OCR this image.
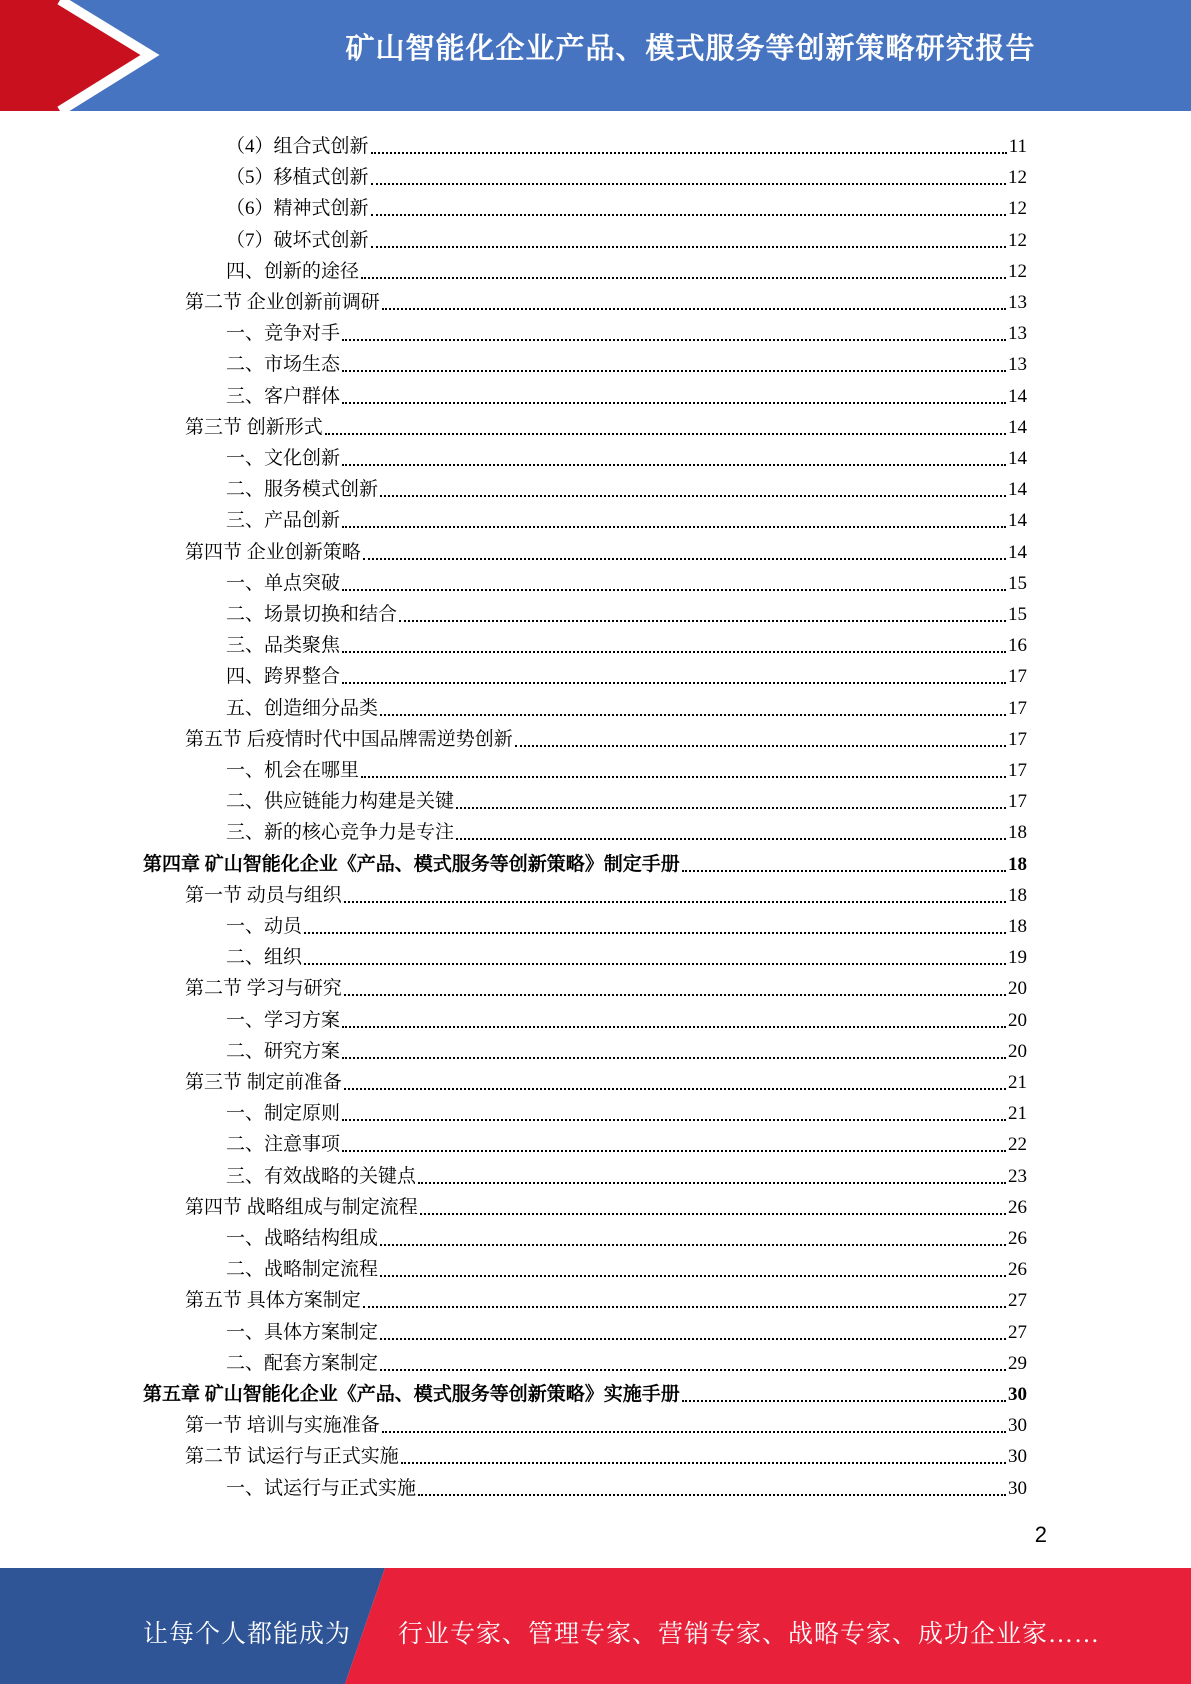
矿山智能化企业产品、模式服务等创新策略研究报告
（4）组合式创新	11
（5）移植式创新	12
（6）精神式创新	12
（7）破坏式创新	12
四、创新的途径	12
第二节 企业创新前调研	13
一、竞争对手	13
二、市场生态	13
三、客户群体	14
第三节 创新形式	14
一、文化创新	14
二、服务模式创新	14
三、产品创新	14
第四节 企业创新策略	14
一、单点突破	15
二、场景切换和结合	15
三、品类聚焦	16
四、跨界整合	17
五、创造细分品类	17
第五节 后疫情时代中国品牌需逆势创新	17
一、机会在哪里	17
二、供应链能力构建是关键	17
三、新的核心竞争力是专注	18
第四章 矿山智能化企业《产品、模式服务等创新策略》制定手册	18
第一节 动员与组织	18
一、动员	18
二、组织	19
第二节 学习与研究	20
一、学习方案	20
二、研究方案	20
第三节 制定前准备	21
一、制定原则	21
二、注意事项	22
三、有效战略的关键点	23
第四节 战略组成与制定流程	26
一、战略结构组成	26
二、战略制定流程	26
第五节 具体方案制定	27
一、具体方案制定	27
二、配套方案制定	29
第五章 矿山智能化企业《产品、模式服务等创新策略》实施手册	30
第一节 培训与实施准备	30
第二节 试运行与正式实施	30
一、试运行与正式实施	30
2
让每个人都能成为 行业专家、管理专家、营销专家、战略专家、成功企业家……
